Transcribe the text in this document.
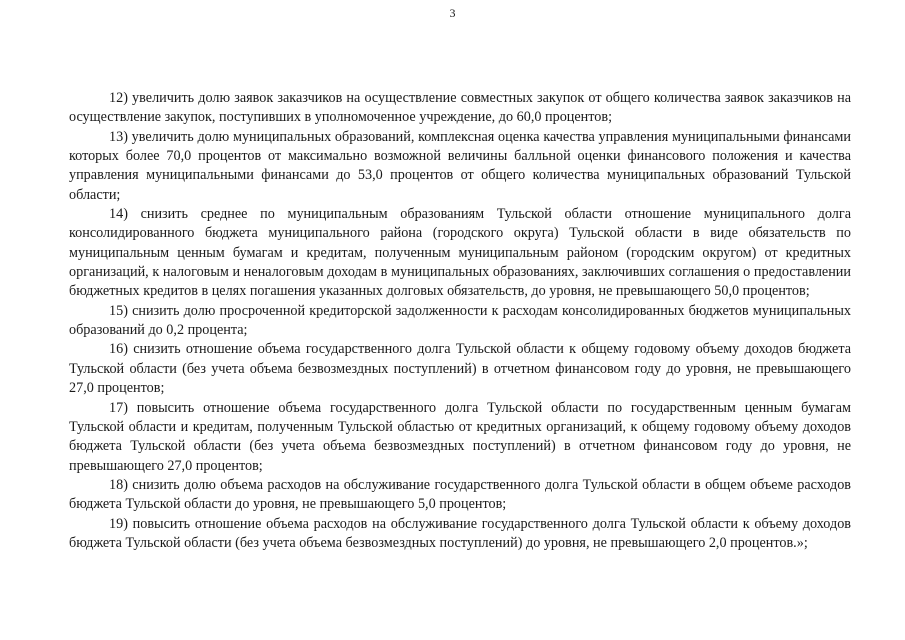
3

12) увеличить долю заявок заказчиков на осуществление совместных закупок от общего количества заявок заказчиков на осуществление закупок, поступивших в уполномоченное учреждение, до 60,0 процентов;

13) увеличить долю муниципальных образований, комплексная оценка качества управления муниципальными финансами которых более 70,0 процентов от максимально возможной величины балльной оценки финансового положения и качества управления муниципальными финансами до 53,0 процентов от общего количества муниципальных образований Тульской области;

14) снизить среднее по муниципальным образованиям Тульской области отношение муниципального долга консолидированного бюджета муниципального района (городского округа) Тульской области в виде обязательств по муниципальным ценным бумагам и кредитам, полученным муниципальным районом (городским округом) от кредитных организаций, к налоговым и неналоговым доходам в муниципальных образованиях, заключивших соглашения о предоставлении бюджетных кредитов в целях погашения указанных долговых обязательств, до уровня, не превышающего 50,0 процентов;

15) снизить долю просроченной кредиторской задолженности к расходам консолидированных бюджетов муниципальных образований до 0,2 процента;

16) снизить отношение объема государственного долга Тульской области к общему годовому объему доходов бюджета Тульской области (без учета объема безвозмездных поступлений) в отчетном финансовом году до уровня, не превышающего 27,0 процентов;

17) повысить отношение объема государственного долга Тульской области по государственным ценным бумагам Тульской области и кредитам, полученным Тульской областью от кредитных организаций, к общему годовому объему доходов бюджета Тульской области (без учета объема безвозмездных поступлений) в отчетном финансовом году до уровня, не превышающего 27,0 процентов;

18) снизить долю объема расходов на обслуживание государственного долга Тульской области в общем объеме расходов бюджета Тульской области до уровня, не превышающего 5,0 процентов;

19) повысить отношение объема расходов на обслуживание государственного долга Тульской области к объему доходов бюджета Тульской области (без учета объема безвозмездных поступлений) до уровня, не превышающего 2,0 процентов.»;
